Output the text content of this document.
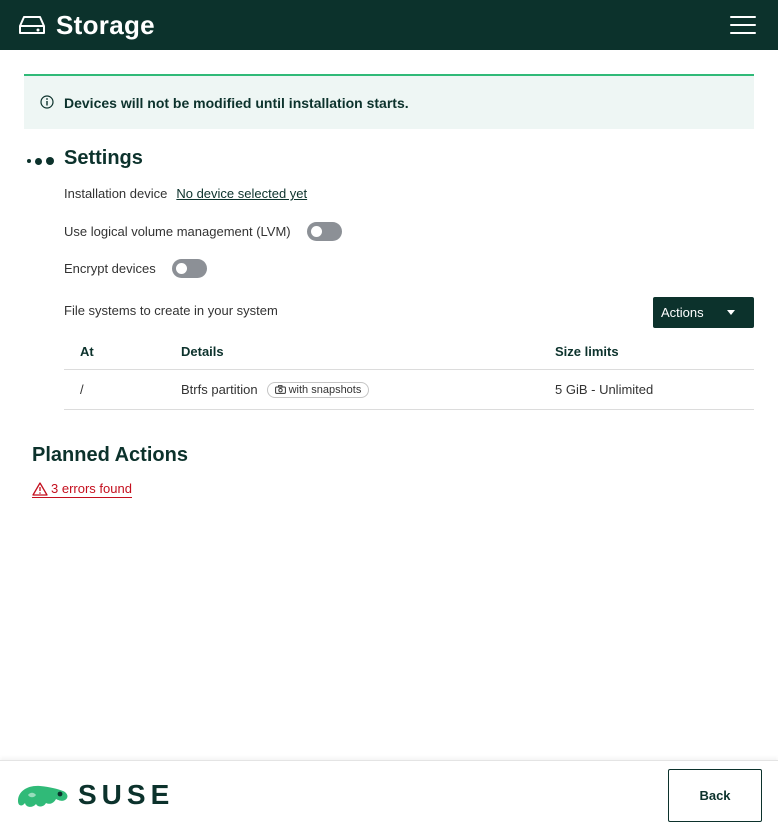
Storage
Devices will not be modified until installation starts.
Settings
Installation device No device selected yet
Use logical volume management (LVM)
Encrypt devices
File systems to create in your system	Actions
At	Details	Size limits
/	Btrfs partition	with snapshots	5 GiB - Unlimited
Planned Actions
3 errors found
SUSE	Back
